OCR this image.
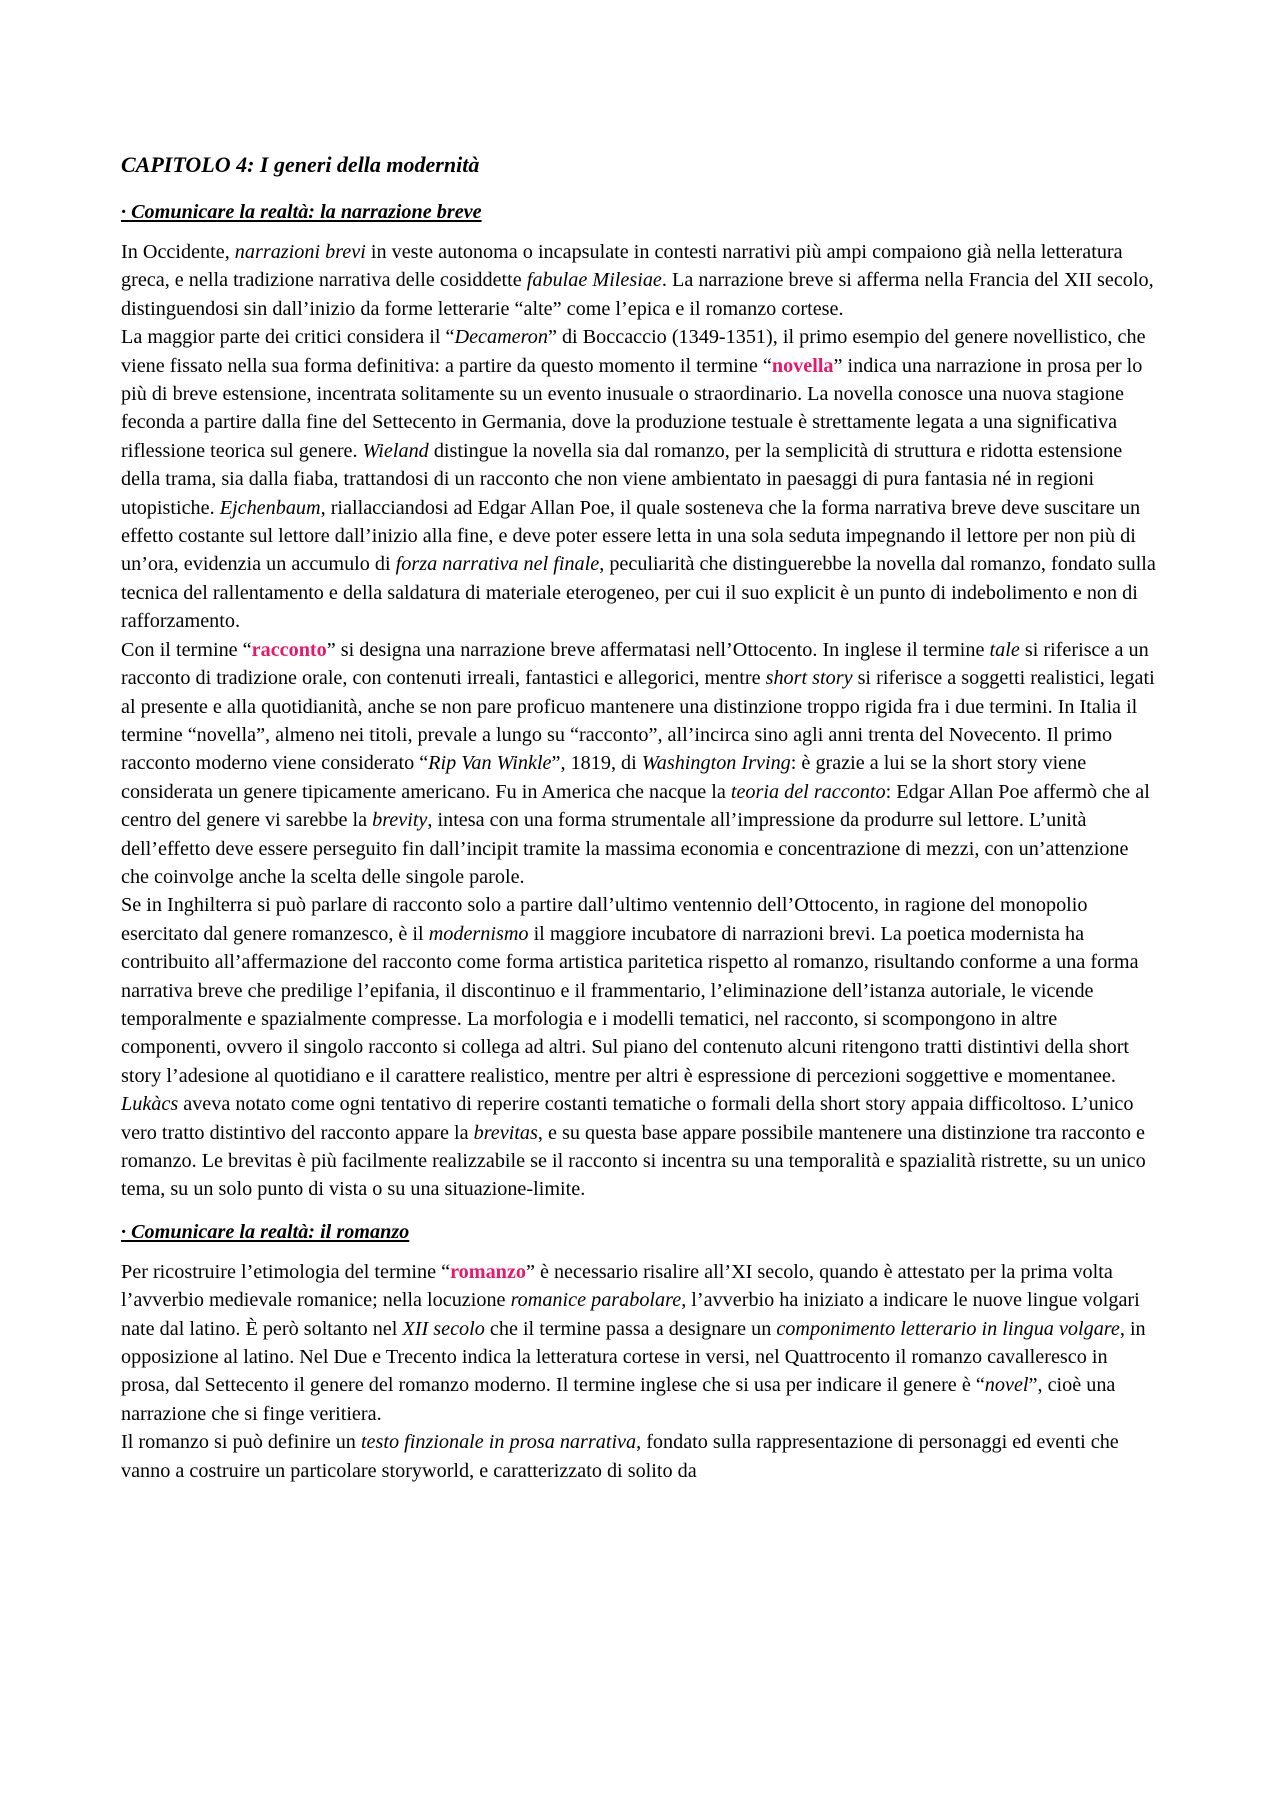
CAPITOLO 4: I generi della modernità
· Comunicare la realtà: la narrazione breve

In Occidente, narrazioni brevi in veste autonoma o incapsulate in contesti narrativi più ampi compaiono già nella letteratura greca, e nella tradizione narrativa delle cosiddette fabulae Milesiae. La narrazione breve si afferma nella Francia del XII secolo, distinguendosi sin dall’inizio da forme letterarie “alte” come l’epica e il romanzo cortese.

La maggior parte dei critici considera il “Decameron” di Boccaccio (1349-1351), il primo esempio del genere novellistico, che viene fissato nella sua forma definitiva: a partire da questo momento il termine “novella” indica una narrazione in prosa per lo più di breve estensione, incentrata solitamente su un evento inusuale o straordinario. La novella conosce una nuova stagione feconda a partire dalla fine del Settecento in Germania, dove la produzione testuale è strettamente legata a una significativa riflessione teorica sul genere. Wieland distingue la novella sia dal romanzo, per la semplicità di struttura e ridotta estensione della trama, sia dalla fiaba, trattandosi di un racconto che non viene ambientato in paesaggi di pura fantasia né in regioni utopistiche. Ejchenbaum, riallacciandosi ad Edgar Allan Poe, il quale sosteneva che la forma narrativa breve deve suscitare un effetto costante sul lettore dall’inizio alla fine, e deve poter essere letta in una sola seduta impegnando il lettore per non più di un’ora, evidenzia un accumulo di forza narrativa nel finale, peculiarità che distinguerebbe la novella dal romanzo, fondato sulla tecnica del rallentamento e della saldatura di materiale eterogeneo, per cui il suo explicit è un punto di indebolimento e non di rafforzamento.

Con il termine “racconto” si designa una narrazione breve affermatasi nell’Ottocento. In inglese il termine tale si riferisce a un racconto di tradizione orale, con contenuti irreali, fantastici e allegorici, mentre short story si riferisce a soggetti realistici, legati al presente e alla quotidianità, anche se non pare proficuo mantenere una distinzione troppo rigida fra i due termini. In Italia il termine “novella”, almeno nei titoli, prevale a lungo su “racconto”, all’incirca sino agli anni trenta del Novecento. Il primo racconto moderno viene considerato “Rip Van Winkle”, 1819, di Washington Irving: è grazie a lui se la short story viene considerata un genere tipicamente americano. Fu in America che nacque la teoria del racconto: Edgar Allan Poe affermò che al centro del genere vi sarebbe la brevity, intesa con una forma strumentale all’impressione da produrre sul lettore. L’unità dell’effetto deve essere perseguito fin dall’incipit tramite la massima economia e concentrazione di mezzi, con un’attenzione che coinvolge anche la scelta delle singole parole.

Se in Inghilterra si può parlare di racconto solo a partire dall’ultimo ventennio dell’Ottocento, in ragione del monopolio esercitato dal genere romanzesco, è il modernismo il maggiore incubatore di narrazioni brevi. La poetica modernista ha contribuito all’affermazione del racconto come forma artistica paritetica rispetto al romanzo, risultando conforme a una forma narrativa breve che predilige l’epifania, il discontinuo e il frammentario, l’eliminazione dell’istanza autoriale, le vicende temporalmente e spazialmente compresse. La morfologia e i modelli tematici, nel racconto, si scompongono in altre componenti, ovvero il singolo racconto si collega ad altri. Sul piano del contenuto alcuni ritengono tratti distintivi della short story l’adesione al quotidiano e il carattere realistico, mentre per altri è espressione di percezioni soggettive e momentanee. Lukàcs aveva notato come ogni tentativo di reperire costanti tematiche o formali della short story appaia difficoltoso. L’unico vero tratto distintivo del racconto appare la brevitas, e su questa base appare possibile mantenere una distinzione tra racconto e romanzo. Le brevitas è più facilmente realizzabile se il racconto si incentra su una temporalità e spazialità ristrette, su un unico tema, su un solo punto di vista o su una situazione-limite.

· Comunicare la realtà: il romanzo

Per ricostruire l’etimologia del termine “romanzo” è necessario risalire all’XI secolo, quando è attestato per la prima volta l’avverbio medievale romanice; nella locuzione romanice parabolare, l’avverbio ha iniziato a indicare le nuove lingue volgari nate dal latino. È però soltanto nel XII secolo che il termine passa a designare un componimento letterario in lingua volgare, in opposizione al latino. Nel Due e Trecento indica la letteratura cortese in versi, nel Quattrocento il romanzo cavalleresco in prosa, dal Settecento il genere del romanzo moderno. Il termine inglese che si usa per indicare il genere è “novel”, cioè una narrazione che si finge veritiera.

Il romanzo si può definire un testo finzionale in prosa narrativa, fondato sulla rappresentazione di personaggi ed eventi che vanno a costruire un particolare storyworld, e caratterizzato di solito da
